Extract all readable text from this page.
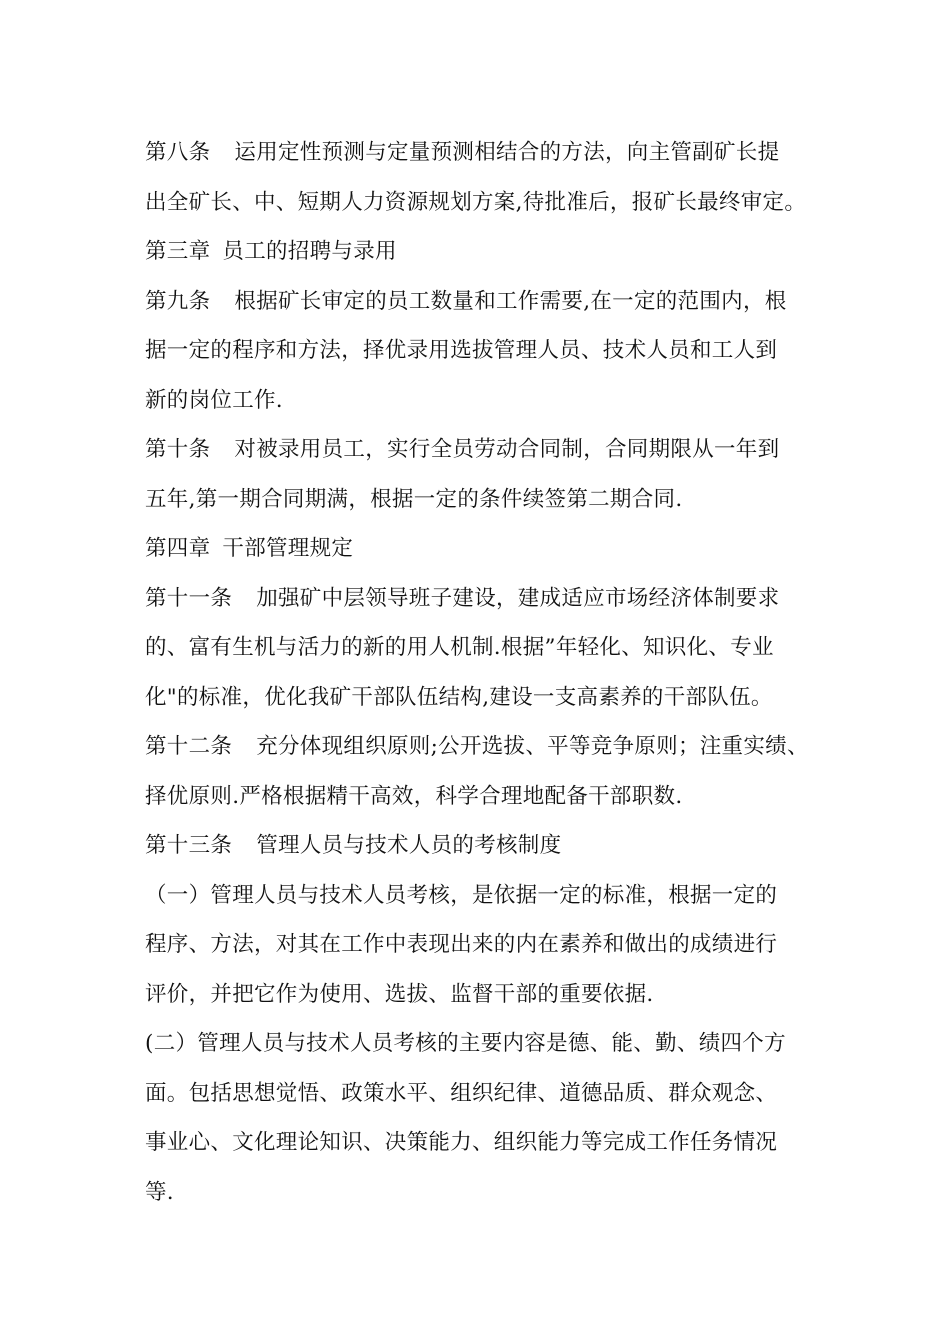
第八条 运用定性预测与定量预测相结合的方法，向主管副矿长提
出全矿长、中、短期人力资源规划方案,待批准后，报矿长最终审定。
第三章 员工的招聘与录用
第九条 根据矿长审定的员工数量和工作需要,在一定的范围内，根
据一定的程序和方法，择优录用选拔管理人员、技术人员和工人到
新的岗位工作.
第十条 对被录用员工，实行全员劳动合同制，合同期限从一年到
五年,第一期合同期满，根据一定的条件续签第二期合同.
第四章 干部管理规定
第十一条 加强矿中层领导班子建设，建成适应市场经济体制要求
的、富有生机与活力的新的用人机制.根据”年轻化、知识化、专业
化"的标准，优化我矿干部队伍结构,建设一支高素养的干部队伍。
第十二条 充分体现组织原则;公开选拔、平等竞争原则；注重实绩、
择优原则.严格根据精干高效，科学合理地配备干部职数.
第十三条 管理人员与技术人员的考核制度
（一）管理人员与技术人员考核，是依据一定的标准，根据一定的
程序、方法，对其在工作中表现出来的内在素养和做出的成绩进行
评价，并把它作为使用、选拔、监督干部的重要依据.
(二）管理人员与技术人员考核的主要内容是德、能、勤、绩四个方
面。包括思想觉悟、政策水平、组织纪律、道德品质、群众观念、
事业心、文化理论知识、决策能力、组织能力等完成工作任务情况
等.
